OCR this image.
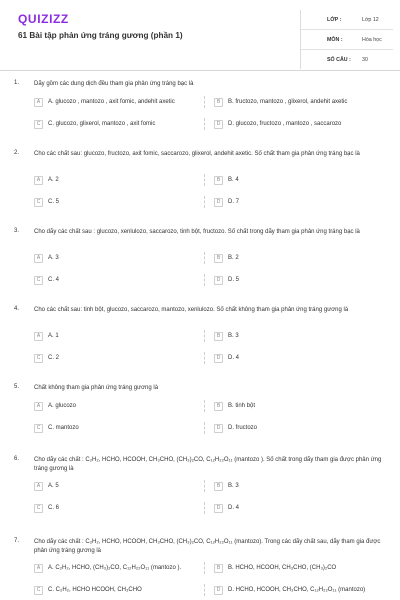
QUIZIZZ
61 Bài tập phản ứng tráng gương (phần 1)
LỚP :	Lớp 12
MÔN :	Hóa học
SỐ CÂU :	30
1. Dãy gồm các dung dịch đều tham gia phản ứng tráng bạc là
A	A. glucozo , mantozo , axit fomic, andehit axetic	B	B. fructozo, mantozo , glixerol, andehit axetic
C	C. glucozo, glixerol, mantozo , axit fomic	D	D. glucozo, fructozo , mantozo , saccarozo
2. Cho các chất sau: glucozo, fructozo, axit fomic, saccarozo, glixerol, andehit axetic. Số chất tham gia phản ứng tráng bạc là
A	A. 2	B	B. 4
C	C. 5	D	D. 7
3. Cho dãy các chất sau : glucozo, xenlulozo, saccarozo, tinh bột, fructozo. Số chất trong dãy tham gia phản ứng tráng bạc là
A	A. 3	B	B. 2
C	C. 4	D	D. 5
4. Cho các chất sau: tinh bột, glucozo, saccarozo, mantozo, xenlulozo. Số chất không tham gia phản ứng tráng gương là
A	A. 1	B	B. 3
C	C. 2	D	D. 4
5. Chất không tham gia phản ứng tráng gương là
A	A. glucozo	B	B. tinh bột
C	C. mantozo	D	D. fructozo
6. Cho dãy các chất : C₂H₂, HCHO, HCOOH, CH₃CHO, (CH₃)₂CO, C₁₂H₂₂O₁₁ (mantozo ). Số chất trong dãy tham gia được phản ứng tráng gương là
A	A. 5	B	B. 3
C	C. 6	D	D. 4
7. Cho dãy các chất : C₂H₂, HCHO, HCOOH, CH₃CHO, (CH₃)₂CO, C₁₂H₂₂O₁₁ (mantozo). Trong các dãy chất sau, dãy tham gia được phản ứng tráng gương là
A	A. C₂H₂, HCHO, (CH₃)₂CO, C₁₂H₂₂O₁₁ (mantozo ).	B	B. HCHO, HCOOH, CH₃CHO, (CH₃)₂CO
C	C. C₂H₂, HCHO HCOOH, CH₃CHO	D	D. HCHO, HCOOH, CH₃CHO, C₁₂H₂₂O₁₁ (mantozo)
